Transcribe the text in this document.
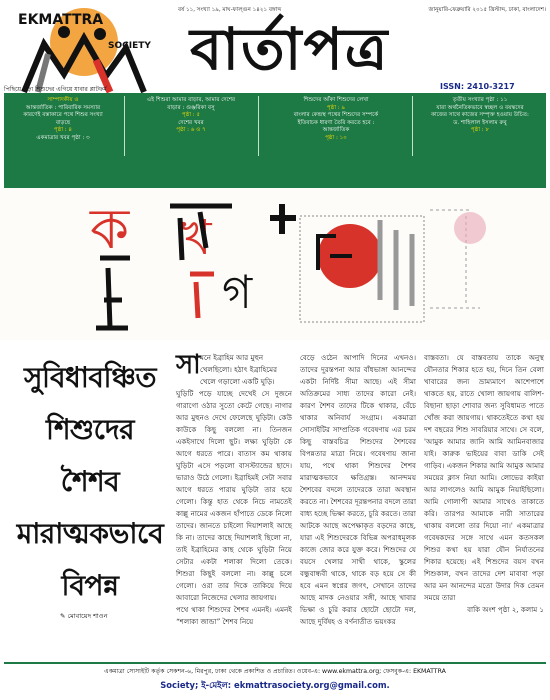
EKMATTRA
SOCIETY
বর্ষ ১১, সংখ্যা ১৯, মাঘ-ফাল্গুন ১৪২১ বঙ্গাব্দ	জানুয়ারি-ফেব্রুয়ারি ২০১৫ খ্রিস্টাব্দ, ঢাকা, বাংলাদেশ।
বার্তাপত্র
পিছিয়ে পড়া শিশুদের এগিয়ে যাবার প্লাটফর্ম	ISSN: 2410-3217
সাম্পাদকীয় ও
আন্তর্জাতিক : পারিবারিক সমস্যার
কারণেই বস্তাকারে পথে শিশুর সংখ্যা
বাড়ছে
পৃষ্ঠা : ৪
একমাত্রার খবর পৃষ্ঠা : ৩
এই শিশুরা আমার বাড়ার, আমার দেশের
বাড়ার : গুঞ্জরিকা বসু
পৃষ্ঠা : ৫
দেশের খবর
পৃষ্ঠা : ৬ ও ৭
শিশুদের আঁকা শিশুদের লেখা
পৃষ্ঠা : ৯
বাংলার কেন্দ্রস্থ পথের শিশুদের সম্পর্কে
ইতিবাচক ধারণা তৈরি করতে হবে :
আন্তর্জাতিক
পৃষ্ঠা : ১০
তৃতীয় সংখ্যার পৃষ্ঠা : ১১
যারা অর্থনৈতিকভাবে স্বচ্ছল ও বয়স্কদের
কাজের সাথে কাজের সম্পৃক্ত হওয়ায় উচিত:
ড. শাহিলাল ইসলাম রুবু
পৃষ্ঠা : ৮
ক খ
গ
সুবিধাবঞ্চিত
শিশুদের
শৈশব
মারাত্মকভাবে
বিপন্ন
✎ মোবায়েদ শাওন
সা মনে ইব্রাহিম আর মুহুন

খেলছিলো। হঠাৎ ইব্রাহিমের

খেলে গড়ালো একটি ঘুড়ি।

ঘুড়িটি পড়ে যাচ্ছে দেখেই সে দুজনে গারাগো ওঠার সুতো কেটে গেছে। নাগার আর মুহুনও দেখে ফেলেছে ঘুড়িটা। কেউ কাউকে কিছু বললো না। তিনজন একইসাথে দিলো ছুট। লক্ষ্য ঘুড়িটা কে আগে ধরতে পারে। বাতাস কম থাকায় ঘুড়িটা এসে পড়লো বাসস্ট্যান্ডের ছাদে। ভারাও উঠে গেলো। ইব্রাহিমই সেটা সবার আগে ধরতে পারায় ঘুড়িটা তার হয়ে গেলো। কিন্তু হাত থেকে নিচে নামতেই কাল্লু নামের একজন হাঁপাতে ডেকে নিলো তাদের। জানতে চাইলো দিয়াশলাই আছে কি না। তাদের কাছে দিয়াশলাই ছিলো না, তাই ইব্রাহিমের কাছ থেকে ঘুড়িটা নিয়ে সেটার একটা শলাকা দিলো তেকে। শিশুরা কিছুই বললো না। কাল্লু চলে গেলো। ওরা তার দিকে তাকিয়ে দিয়ে আবারো নিজেদের খেলার জায়গায়।

পথে থাকা শিশুদের শৈশব এমনই। এমনই “শলাকা জান্ডা” শৈশব নিয়ে

বেড়ে ওঠেন আপাদি দিনের এখনও। তাদের দুরন্তপনা আর বাঁধভাঙ্গা আনন্দের একটা নির্দিষ্ট সীমা আছে। এই সীমা অতিক্রমের সাধ্য তাদের কারো নেই। কারণ শৈশব তাদের টিকে থাকার, বেঁচে থাকার অনিবার্য সংগ্রাম। একমাত্রা সোসাইটির সাম্প্রতিক গবেষণায় এর চরম কিছু বাস্তবচিত্র শিশুদের শৈশবের বিপন্নতার মাত্রা নিয়ে। গবেষণায় জানা যায়, পথে থাকা শিশুদের শৈশব মারাত্মকভাবে ক্ষতিগ্রস্ত। আনন্দময় শৈশবের বদলে তাদেরকে তারা অবস্থান করতে না। শৈশবের দূরন্তপনার বদলে তারা বাধ্য হচ্ছে ভিক্ষা করতে, চুরি করতে। তারা আটকে আছে অপেক্ষাকৃত বড়দের কাছে, যারা এই শিশুদেরকে বিভিন্ন অপরাধমূলক কাজে জোর করে যুক্ত করে। শিশুদের যে বয়সে খেলার সাথী থাকে, স্কুলের বন্ধুবান্ধবী থাকে, থাকে বড় হয়ে সে কী হবে এমন স্বপ্নের জগৎ, সেখানে তাদের আছে মাদক নেওয়ার সঙ্গী, আছে খাবার ভিক্ষা ও চুরি করার ছোটো ছোটো দল, আছে দুর্বিষহ ও বর্ণনাতীত ভয়ংকর

বাস্তবতা। যে বাস্তবতায় তাকে অনুস্থ যৌনতার শিকার হতে হয়, দিনে তিন বেলা খাবারের জন্য ভ্রাম্যমাণে আশেপাশে থাকতে হয়, রাতে খোলা জায়গায় বালিশ-বিছানা ছাড়া শোবার জন্য সুবিধামত পাতে খোঁজ করা জায়গায়। থাকতেইতে কথা হয় দশ বছরের শিশু সাবরিয়ার সাথে। সে বলে, 'আমুক আমার জানি আমি আমিনবাজার যাই। কারুক ভাইয়ের বাবা ডাকি সেই গাড়িব। একজন শিকার আমি আমুক আমার সময়ের ক্লাস নিয়া আমি। লোভের কাইয়া আর লাগলেও আমি আমুক নিয়াইছিলো। আমি গোলাপী আমার সাথেও তাকাতে করি। তারপর আমাকে নারী সাতারের থাকায় বললো তার দিয়ো না।' একমাত্রার গবেষকদের সঙ্গে সাথে এমন কতসকল শিশুর কথা হয় যারা যৌন নির্যাতনের শিকার হয়েছে। এই শিশুদের বয়স বখন শিশুকাল, বখন তাদের দেশ মাবাবা পড়া আর মন আনন্দের মতো উদার দিক তেমন সময়ে তারা

বাকি অংশ পৃষ্ঠা ২, কলাম ১

একমাত্রা সোসাইটি কর্তৃক সেকশন-৬, মিরপুর, ঢাকা থেকে প্রকাশিত ও প্রচারিত। ওয়েব-এ: www.ekmattra.org; ফেসবুক-এ: EKMATTRA
Society; ই-মেইল: ekmattrasociety.org@gmail.com.
